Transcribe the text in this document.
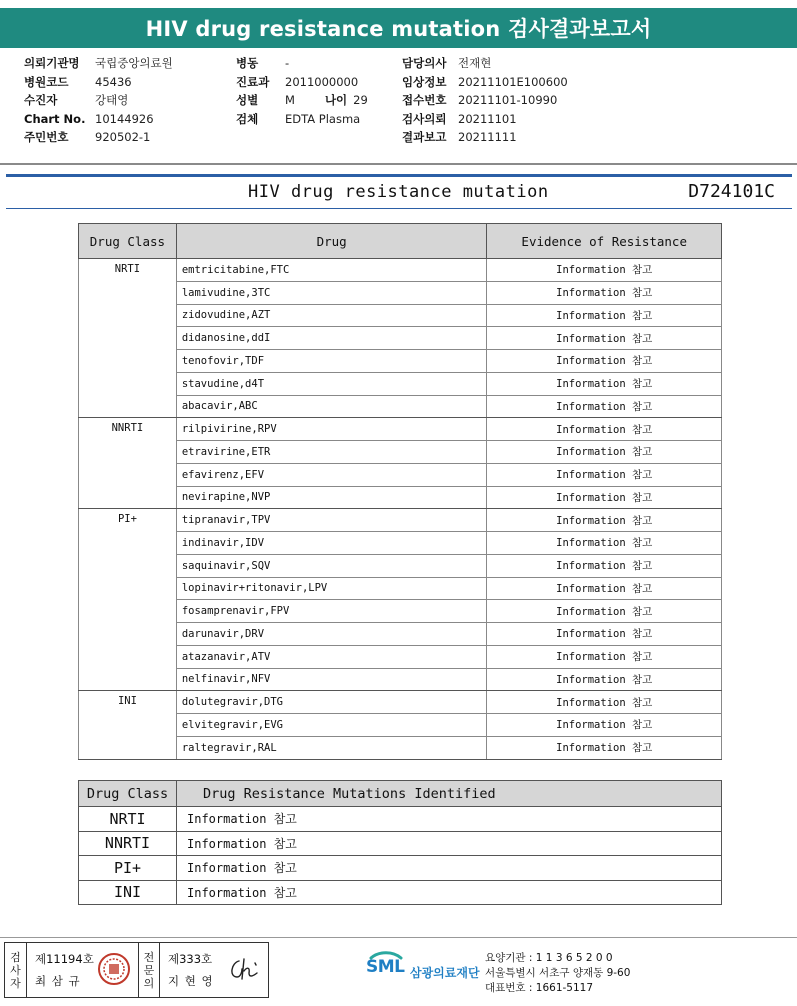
HIV drug resistance mutation 검사결과보고서
의뢰기관명	국립중앙의료원
병원코드	45436
수진자	강태영
Chart No. 10144926
주민번호	920502-1
병동	-
진료과	2011000000
성별	M	나이 29
검체	EDTA Plasma
담당의사	전재현
임상정보	20211101E100600
접수번호	20211101-10990
검사의뢰	20211101
결과보고	20211111
HIV drug resistance mutation	D724101C
Drug Class	Drug	Evidence of Resistance
NRTI	emtricitabine,FTC	Information 참고
	lamivudine,3TC	Information 참고
	zidovudine,AZT	Information 참고
	didanosine,ddI	Information 참고
	tenofovir,TDF	Information 참고
	stavudine,d4T	Information 참고
	abacavir,ABC	Information 참고
NNRTI	rilpivirine,RPV	Information 참고
	etravirine,ETR	Information 참고
	efavirenz,EFV	Information 참고
	nevirapine,NVP	Information 참고
PI+	tipranavir,TPV	Information 참고
	indinavir,IDV	Information 참고
	saquinavir,SQV	Information 참고
	lopinavir+ritonavir,LPV	Information 참고
	fosamprenavir,FPV	Information 참고
	darunavir,DRV	Information 참고
	atazanavir,ATV	Information 참고
	nelfinavir,NFV	Information 참고
INI	dolutegravir,DTG	Information 참고
	elvitegravir,EVG	Information 참고
	raltegravir,RAL	Information 참고
Drug Class	Drug Resistance Mutations Identified
NRTI	Information 참고
NNRTI	Information 참고
PI+	Information 참고
INI	Information 참고
검
사
자
제11194호
최 삼 규
전
문
의
제333호
지 현 영
SML 삼광의료재단
요양기관 : 1 1 3 6 5 2 0 0
서울특별시 서초구 양재동 9-60
대표번호 : 1661-5117
